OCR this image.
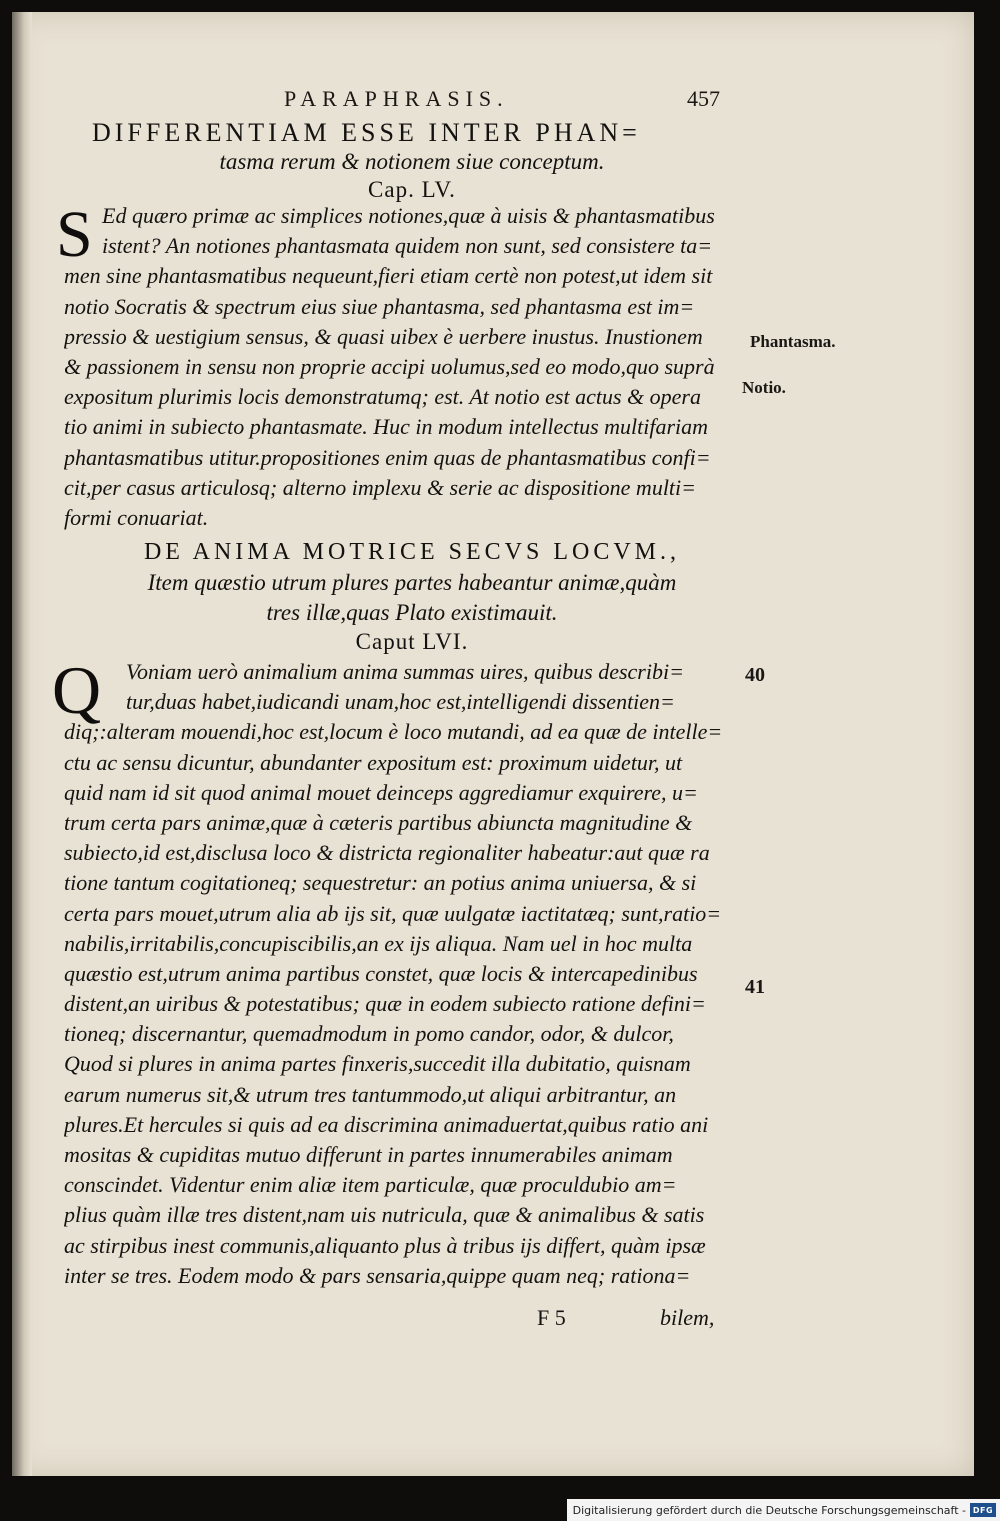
PARAPHRASIS.	457
DIFFERENTIAM ESSE INTER PHAN=
tasma rerum & notionem siue conceptum.
Cap. LV.
S Ed quæro primæ ac simplices notiones,quæ à uisis & phantasmatibus
istent? An notiones phantasmata quidem non sunt, sed consistere ta=
men sine phantasmatibus nequeunt,fieri etiam certè non potest,ut idem sit
notio Socratis & spectrum eius siue phantasma, sed phantasma est im=
pressio & uestigium sensus, & quasi uibex è uerbere inustus. Inustionem
& passionem in sensu non proprie accipi uolumus,sed eo modo,quo suprà
expositum plurimis locis demonstratumq; est. At notio est actus & opera
tio animi in subiecto phantasmate. Huc in modum intellectus multifariam
phantasmatibus utitur.propositiones enim quas de phantasmatibus confi=
cit,per casus articulosq; alterno implexu & serie ac dispositione multi=
formi conuariat.
DE ANIMA MOTRICE SECVS LOCVM.,
Item quæstio utrum plures partes habeantur animæ,quàm
tres illæ,quas Plato existimauit.
Caput LVI.
Q	Voniam uerò animalium anima summas uires, quibus describi=
tur,duas habet,iudicandi unam,hoc est,intelligendi dissentien=
diq;:alteram mouendi,hoc est,locum è loco mutandi, ad ea quæ de intelle=
ctu ac sensu dicuntur, abundanter expositum est: proximum uidetur, ut
quid nam id sit quod animal mouet deinceps aggrediamur exquirere, u=
trum certa pars animæ,quæ à cæteris partibus abiuncta magnitudine &
subiecto,id est,disclusa loco & districta regionaliter habeatur:aut quæ ra
tione tantum cogitationeq; sequestretur: an potius anima uniuersa, & si
certa pars mouet,utrum alia ab ijs sit, quæ uulgatæ iactitatæq; sunt,ratio=
nabilis,irritabilis,concupiscibilis,an ex ijs aliqua. Nam uel in hoc multa
quæstio est,utrum anima partibus constet, quæ locis & intercapedinibus
distent,an uiribus & potestatibus; quæ in eodem subiecto ratione defini=
tioneq; discernantur, quemadmodum in pomo candor, odor, & dulcor,
Quod si plures in anima partes finxeris,succedit illa dubitatio, quisnam
earum numerus sit,& utrum tres tantummodo,ut aliqui arbitrantur, an
plures.Et hercules si quis ad ea discrimina animaduertat,quibus ratio ani
mositas & cupiditas mutuo differunt in partes innumerabiles animam
conscindet. Videntur enim aliæ item particulæ, quæ proculdubio am=
plius quàm illæ tres distent,nam uis nutricula, quæ & animalibus & satis
ac stirpibus inest communis,aliquanto plus à tribus ijs differt, quàm ipsæ
inter se tres. Eodem modo & pars sensaria,quippe quam neq; rationa=
Phantasma.
Notio.
40
41
F 5	bilem,
Digitalisierung gefördert durch die Deutsche Forschungsgemeinschaft - DFG
